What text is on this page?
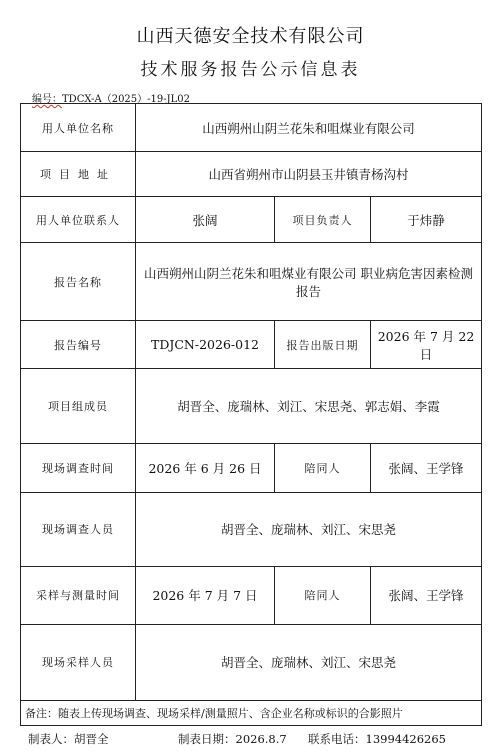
山西天德安全技术有限公司
技术服务报告公示信息表
编号：TDCX-A（2025）-19-JL02
用人单位名称	山西朔州山阴兰花朱和咀煤业有限公司		
项目地址	山西省朔州市山阴县玉井镇青杨沟村		
用人单位联系人	张阔	项目负责人	于炜静
报告名称	山西朔州山阴兰花朱和咀煤业有限公司 职业病危害因素检测报告		
报告编号	TDJCN-2026-012	报告出版日期	2026 年 7 月 22 日
项目组成员	胡晋全、庞瑞林、刘江、宋思尧、郭志娟、李霞		
现场调查时间	2026 年 6 月 26 日	陪同人	张阔、王学锋
现场调查人员	胡晋全、庞瑞林、刘江、宋思尧		
采样与测量时间	2026 年 7 月 7 日	陪同人	张阔、王学锋
现场采样人员	胡晋全、庞瑞林、刘江、宋思尧		
备注：随表上传现场调查、现场采样/测量照片、含企业名称或标识的合影照片			
制表人：胡晋全	制表日期：2026.8.7 联系电话：13994426265
